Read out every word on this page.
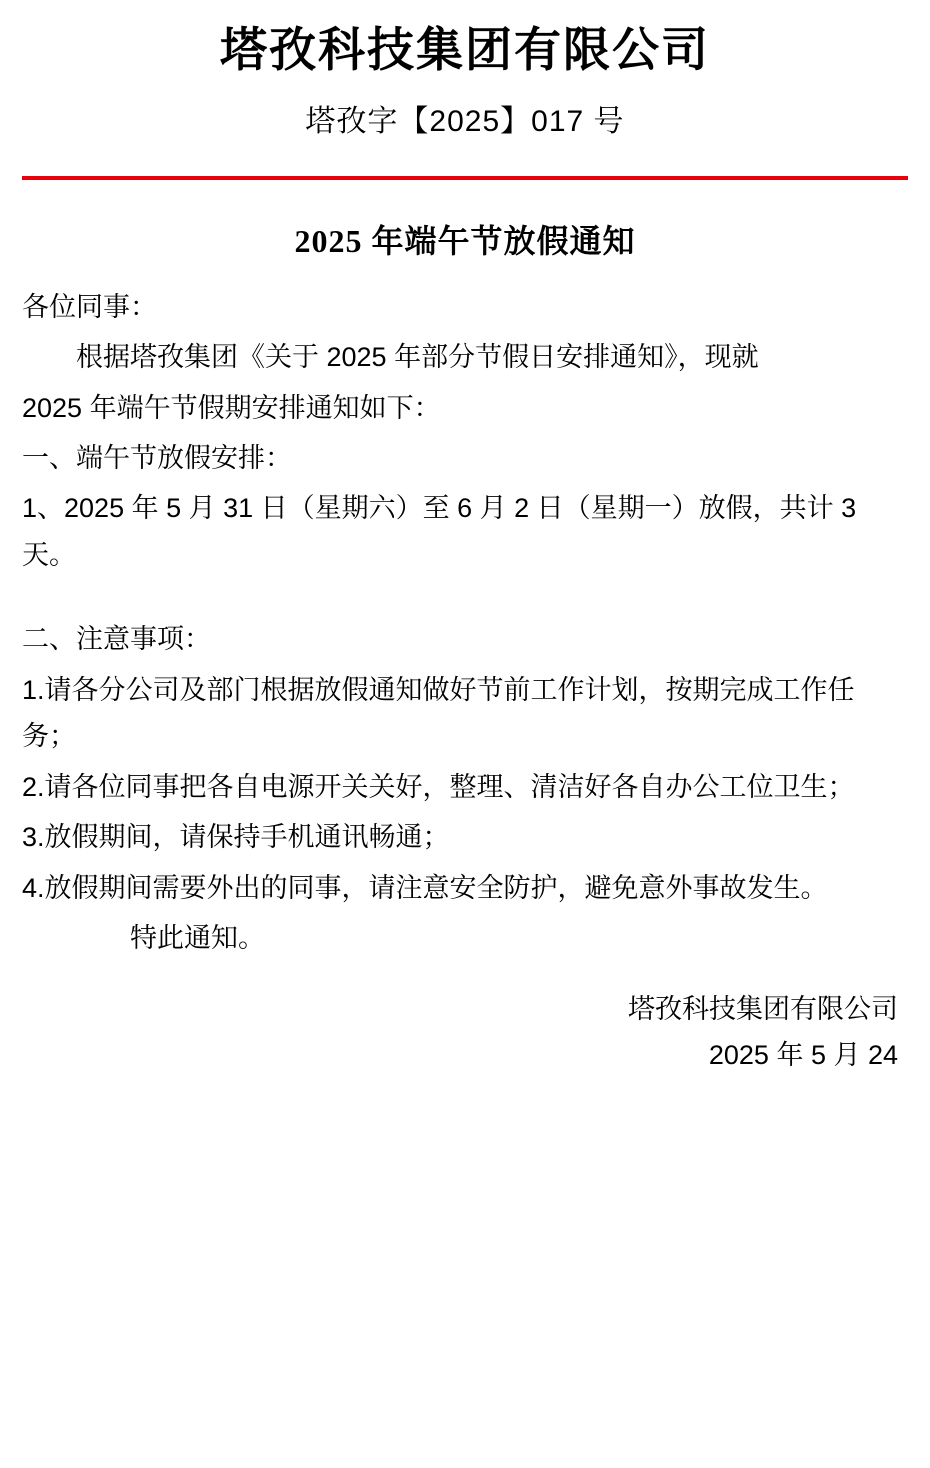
塔孜科技集团有限公司
塔孜字【2025】017 号
2025 年端午节放假通知

各位同事：

根据塔孜集团《关于 2025 年部分节假日安排通知》，现就

2025 年端午节假期安排通知如下：

一、端午节放假安排：

1、2025 年 5 月 31 日（星期六）至 6 月 2 日（星期一）放假，共计 3 天。

二、注意事项：

1.请各分公司及部门根据放假通知做好节前工作计划，按期完成工作任务；

2.请各位同事把各自电源开关关好，整理、清洁好各自办公工位卫生；

3.放假期间，请保持手机通讯畅通；

4.放假期间需要外出的同事，请注意安全防护，避免意外事故发生。

特此通知。

塔孜科技集团有限公司

2025 年 5 月 24
